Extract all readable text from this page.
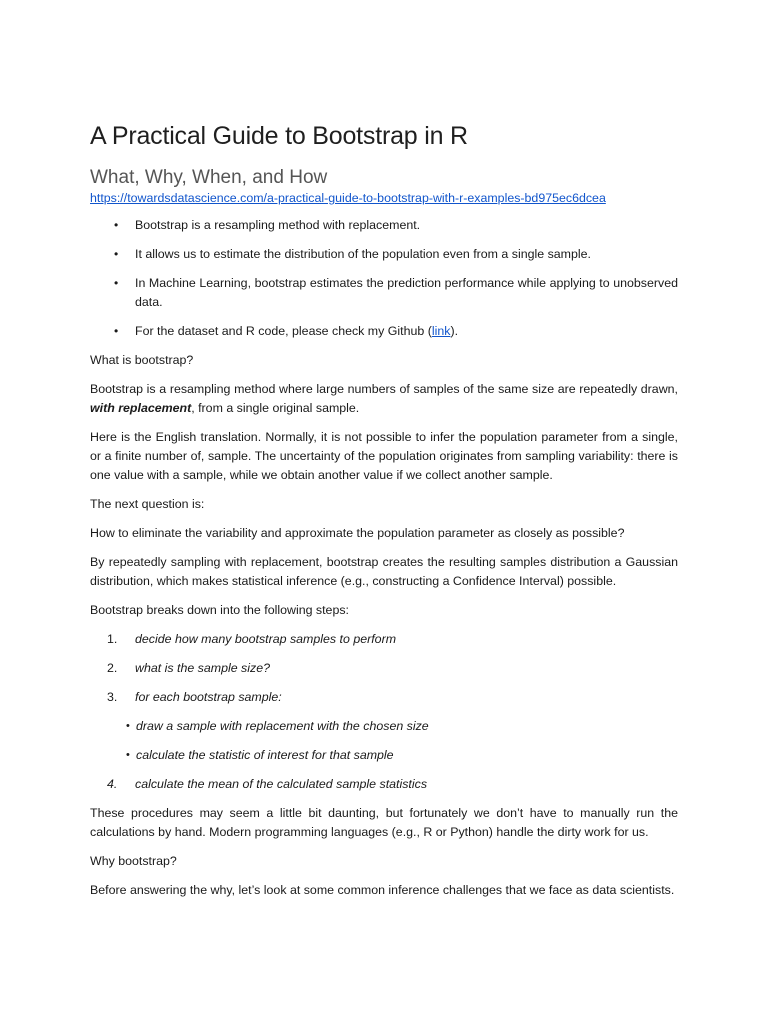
A Practical Guide to Bootstrap in R
What, Why, When, and How
https://towardsdatascience.com/a-practical-guide-to-bootstrap-with-r-examples-bd975ec6dcea
• Bootstrap is a resampling method with replacement.
• It allows us to estimate the distribution of the population even from a single sample.
• In Machine Learning, bootstrap estimates the prediction performance while applying to unobserved data.
• For the dataset and R code, please check my Github (link).

What is bootstrap?

Bootstrap is a resampling method where large numbers of samples of the same size are repeatedly drawn, with replacement, from a single original sample.

Here is the English translation. Normally, it is not possible to infer the population parameter from a single, or a finite number of, sample. The uncertainty of the population originates from sampling variability: there is one value with a sample, while we obtain another value if we collect another sample.

The next question is:

How to eliminate the variability and approximate the population parameter as closely as possible?

By repeatedly sampling with replacement, bootstrap creates the resulting samples distribution a Gaussian distribution, which makes statistical inference (e.g., constructing a Confidence Interval) possible.

Bootstrap breaks down into the following steps:

1. decide how many bootstrap samples to perform
2. what is the sample size?
3. for each bootstrap sample:
• draw a sample with replacement with the chosen size
• calculate the statistic of interest for that sample
4. calculate the mean of the calculated sample statistics

These procedures may seem a little bit daunting, but fortunately we don’t have to manually run the calculations by hand. Modern programming languages (e.g., R or Python) handle the dirty work for us.

Why bootstrap?

Before answering the why, let’s look at some common inference challenges that we face as data scientists.
